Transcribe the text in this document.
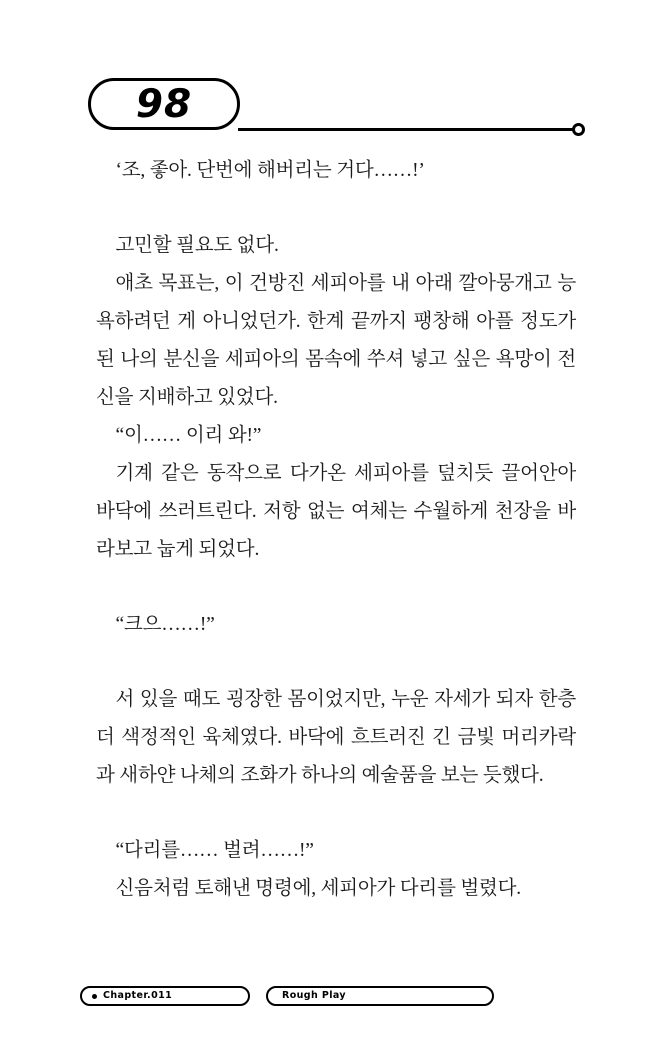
98

‘조, 좋아. 단번에 해버리는 거다……!’

고민할 필요도 없다.

애초 목표는, 이 건방진 세피아를 내 아래 깔아뭉개고 능욕하려던 게 아니었던가. 한계 끝까지 팽창해 아플 정도가 된 나의 분신을 세피아의 몸속에 쑤셔 넣고 싶은 욕망이 전신을 지배하고 있었다.

“이…… 이리 와!”

기계 같은 동작으로 다가온 세피아를 덮치듯 끌어안아 바닥에 쓰러트린다. 저항 없는 여체는 수월하게 천장을 바라보고 눕게 되었다.

“크으……!”

서 있을 때도 굉장한 몸이었지만, 누운 자세가 되자 한층 더 색정적인 육체였다. 바닥에 흐트러진 긴 금빛 머리카락과 새하얀 나체의 조화가 하나의 예술품을 보는 듯했다.

“다리를…… 벌려……!”

신음처럼 토해낸 명령에, 세피아가 다리를 벌렸다.

Chapter.011	Rough Play
